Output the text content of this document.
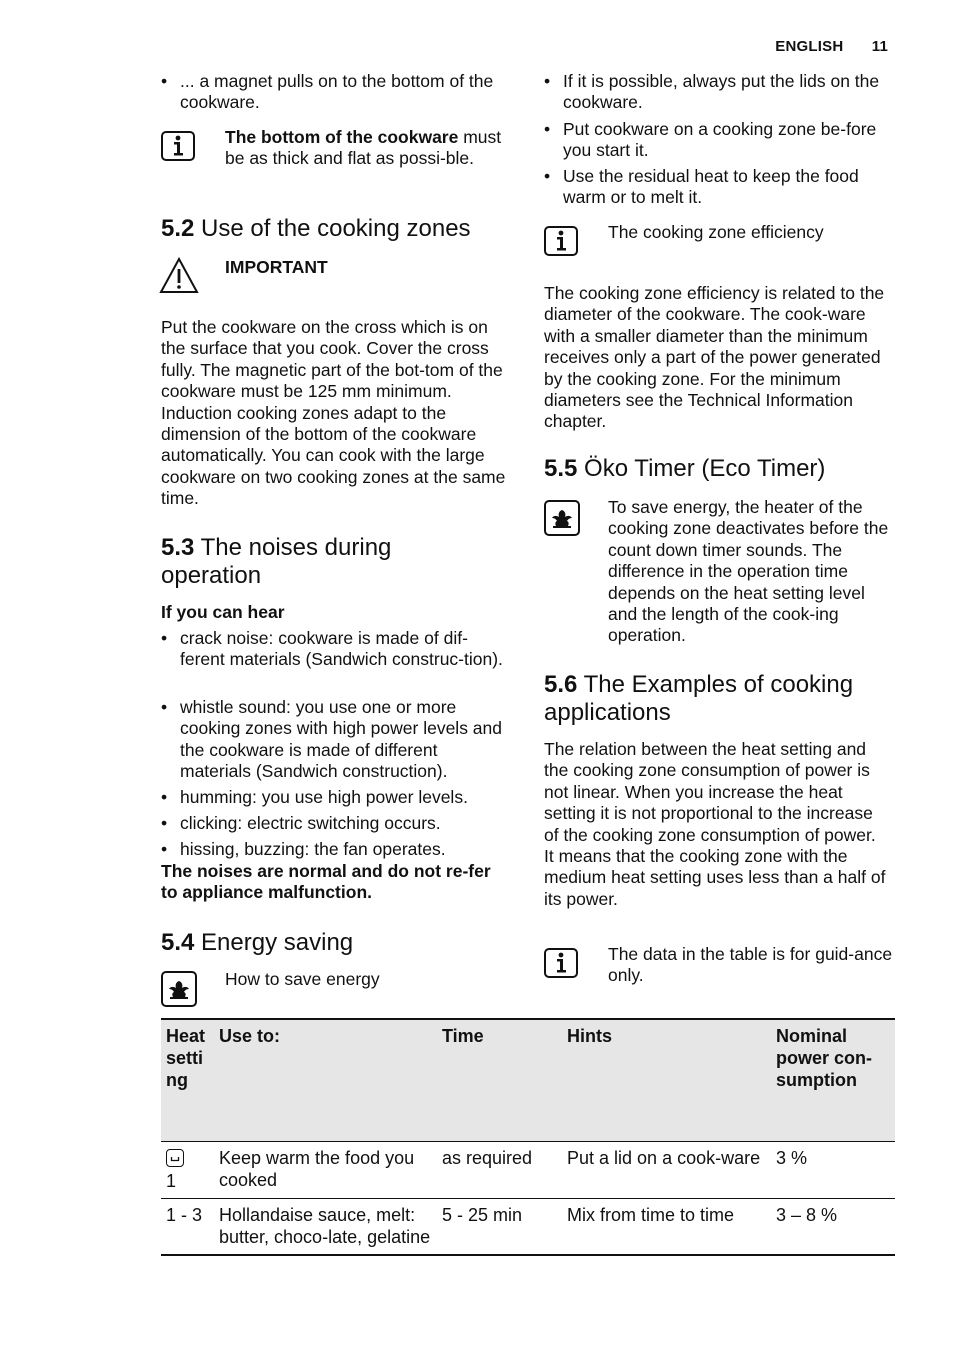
ENGLISH 11
• ... a magnet pulls on to the bottom of the cookware.
The bottom of the cookware must be as thick and flat as possi-ble.
5.2 Use of the cooking zones
IMPORTANT

Put the cookware on the cross which is on the surface that you cook. Cover the cross fully. The magnetic part of the bot-tom of the cookware must be 125 mm minimum. Induction cooking zones adapt to the dimension of the bottom of the cookware automatically. You can cook with the large cookware on two cooking zones at the same time.

5.3 The noises during
operation
If you can hear
• crack noise: cookware is made of dif-ferent materials (Sandwich construc-tion).
• whistle sound: you use one or more cooking zones with high power levels and the cookware is made of different materials (Sandwich construction).
• humming: you use high power levels.
• clicking: electric switching occurs.
• hissing, buzzing: the fan operates.

The noises are normal and do not re-fer to appliance malfunction.

5.4 Energy saving
How to save energy
• If it is possible, always put the lids on the cookware.
• Put cookware on a cooking zone be-fore you start it.
• Use the residual heat to keep the food warm or to melt it.
The cooking zone efficiency

The cooking zone efficiency is related to the diameter of the cookware. The cook-ware with a smaller diameter than the minimum receives only a part of the power generated by the cooking zone. For the minimum diameters see the Technical Information chapter.

5.5 Öko Timer (Eco Timer)

To save energy, the heater of the cooking zone deactivates before the count down timer sounds. The difference in the operation time depends on the heat setting level and the length of the cook-ing operation.

5.6 The Examples of cooking
applications

The relation between the heat setting and the cooking zone consumption of power is not linear. When you increase the heat setting it is not proportional to the increase of the cooking zone consumption of power. It means that the cooking zone with the medium heat setting uses less than a half of its power.

The data in the table is for guid-ance only.

Heat setting	Use to:	Time	Hints	Nominal power con-sumption

1	Keep warm the food you cooked	as required	Put a lid on a cook-ware	3 %
1 - 3	Hollandaise sauce, melt: butter, choco-late, gelatine	5 - 25 min	Mix from time to time	3 – 8 %
